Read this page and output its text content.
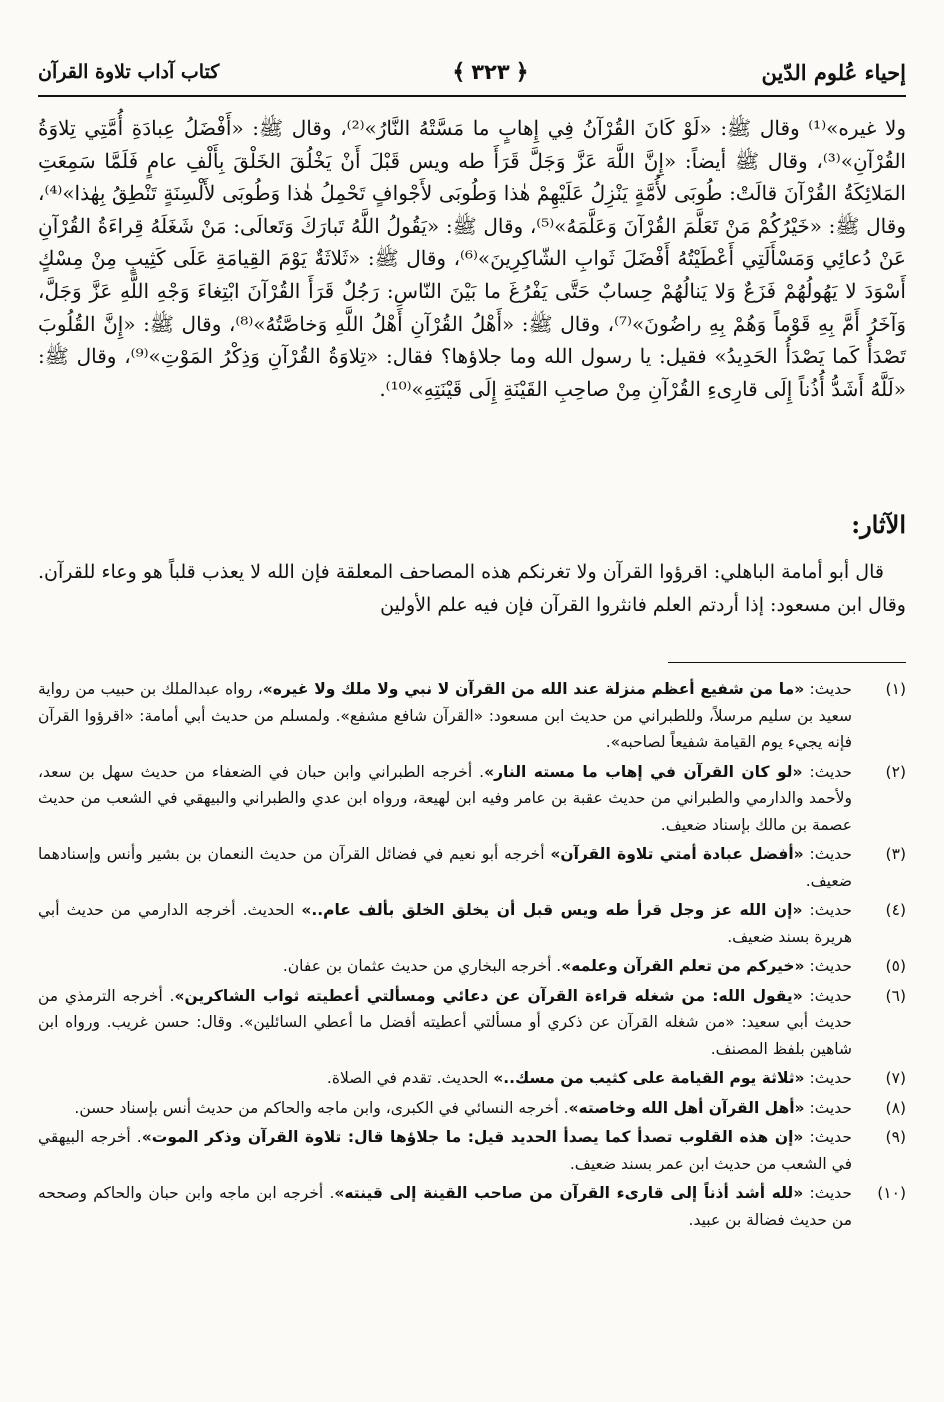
إحياء عُلوم الدّين
﴿
٣٢٣
﴾
كتاب آداب تلاوة القرآن
ولا غيره»⁽¹⁾ وقال ﷺ: «لَوْ كَانَ القُرْآنُ فِي إِهابٍ ما مَسَّتْهُ النَّارُ»⁽²⁾، وقال ﷺ: «أَفْضَلُ عِبادَةِ أُمَّتِي تِلاوَةُ القُرْآنِ»⁽³⁾، وقال ﷺ أيضاً: «إِنَّ اللَّهَ عَزَّ وَجَلَّ قَرَأَ طه ويس قَبْلَ أَنْ يَخْلُقَ الخَلْقَ بِأَلْفِ عامٍ فَلَمَّا سَمِعَتِ المَلائِكَةُ القُرْآنَ قالَتْ: طُوبَى لأُمَّةٍ يَنْزِلُ عَلَيْهِمْ هٰذا وَطُوبَى لأَجْوافٍ تَحْمِلُ هٰذا وَطُوبَى لأَلْسِنَةٍ تَنْطِقُ بِهٰذا»⁽⁴⁾، وقال ﷺ: «خَيْرُكُمْ مَنْ تَعَلَّمَ القُرْآنَ وَعَلَّمَهُ»⁽⁵⁾، وقال ﷺ: «يَقُولُ اللَّهُ تَبارَكَ وَتَعالَى: مَنْ شَغَلَهُ قِراءَةُ القُرْآنِ عَنْ دُعائِي وَمَسْأَلَتِي أَعْطَيْتُهُ أَفْضَلَ ثَوابِ الشّاكِرِينَ»⁽⁶⁾، وقال ﷺ: «ثَلاثَةٌ يَوْمَ القِيامَةِ عَلَى كَثِيبٍ مِنْ مِسْكٍ أَسْوَدَ لا يَهُولُهُمْ فَزَعٌ وَلا يَنالُهُمْ حِسابٌ حَتَّى يَفْرُغَ ما بَيْنَ النّاسِ: رَجُلٌ قَرَأَ القُرْآنَ ابْتِغاءَ وَجْهِ اللَّهِ عَزَّ وَجَلَّ، وَآخَرُ أَمَّ بِهِ قَوْماً وَهُمْ بِهِ راضُونَ»⁽⁷⁾، وقال ﷺ: «أَهْلُ القُرْآنِ أَهْلُ اللَّهِ وَخاصَّتُهُ»⁽⁸⁾، وقال ﷺ: «إِنَّ القُلُوبَ تَصْدَأُ كَما يَصْدَأُ الحَدِيدُ» فقيل: يا رسول الله وما جلاؤها؟ فقال: «تِلاوَةُ القُرْآنِ وَذِكْرُ المَوْتِ»⁽⁹⁾، وقال ﷺ: «لَلَّهُ أَشَدُّ أُذُناً إِلَى قارِىءِ القُرْآنِ مِنْ صاحِبِ القَيْنَةِ إِلَى قَيْنَتِهِ»⁽¹⁰⁾.
الآثار:
قال أبو أمامة الباهلي: اقرؤوا القرآن ولا تغرنكم هذه المصاحف المعلقة فإن الله لا يعذب قلباً هو وعاء للقرآن. وقال ابن مسعود: إذا أردتم العلم فانثروا القرآن فإن فيه علم الأولين
(١)
حديث: «ما من شفيع أعظم منزلة عند الله من القرآن لا نبي ولا ملك ولا غيره»، رواه عبدالملك بن حبيب من رواية سعيد بن سليم مرسلاً، وللطبراني من حديث ابن مسعود: «القرآن شافع مشفع». ولمسلم من حديث أبي أمامة: «اقرؤوا القرآن فإنه يجيء يوم القيامة شفيعاً لصاحبه».
(٢)
حديث: «لو كان القرآن في إهاب ما مسته النار». أخرجه الطبراني وابن حبان في الضعفاء من حديث سهل بن سعد، ولأحمد والدارمي والطبراني من حديث عقبة بن عامر وفيه ابن لهيعة، ورواه ابن عدي والطبراني والبيهقي في الشعب من حديث عصمة بن مالك بإسناد ضعيف.
(٣)
حديث: «أفضل عبادة أمتي تلاوة القرآن» أخرجه أبو نعيم في فضائل القرآن من حديث النعمان بن بشير وأنس وإسنادهما ضعيف.
(٤)
حديث: «إن الله عز وجل قرأ طه ويس قبل أن يخلق الخلق بألف عام..» الحديث. أخرجه الدارمي من حديث أبي هريرة بسند ضعيف.
(٥)
حديث: «خيركم من تعلم القرآن وعلمه». أخرجه البخاري من حديث عثمان بن عفان.
(٦)
حديث: «يقول الله: من شغله قراءة القرآن عن دعائي ومسألتي أعطيته ثواب الشاكرين». أخرجه الترمذي من حديث أبي سعيد: «من شغله القرآن عن ذكري أو مسألتي أعطيته أفضل ما أعطي السائلين». وقال: حسن غريب. ورواه ابن شاهين بلفظ المصنف.
(٧)
حديث: «ثلاثة يوم القيامة على كثيب من مسك..» الحديث. تقدم في الصلاة.
(٨)
حديث: «أهل القرآن أهل الله وخاصته». أخرجه النسائي في الكبرى، وابن ماجه والحاكم من حديث أنس بإسناد حسن.
(٩)
حديث: «إن هذه القلوب تصدأ كما يصدأ الحديد قيل: ما جلاؤها قال: تلاوة القرآن وذكر الموت». أخرجه البيهقي في الشعب من حديث ابن عمر بسند ضعيف.
(١٠)
حديث: «لله أشد أذناً إلى قارىء القرآن من صاحب القينة إلى قينته». أخرجه ابن ماجه وابن حبان والحاكم وصححه من حديث فضالة بن عبيد.
